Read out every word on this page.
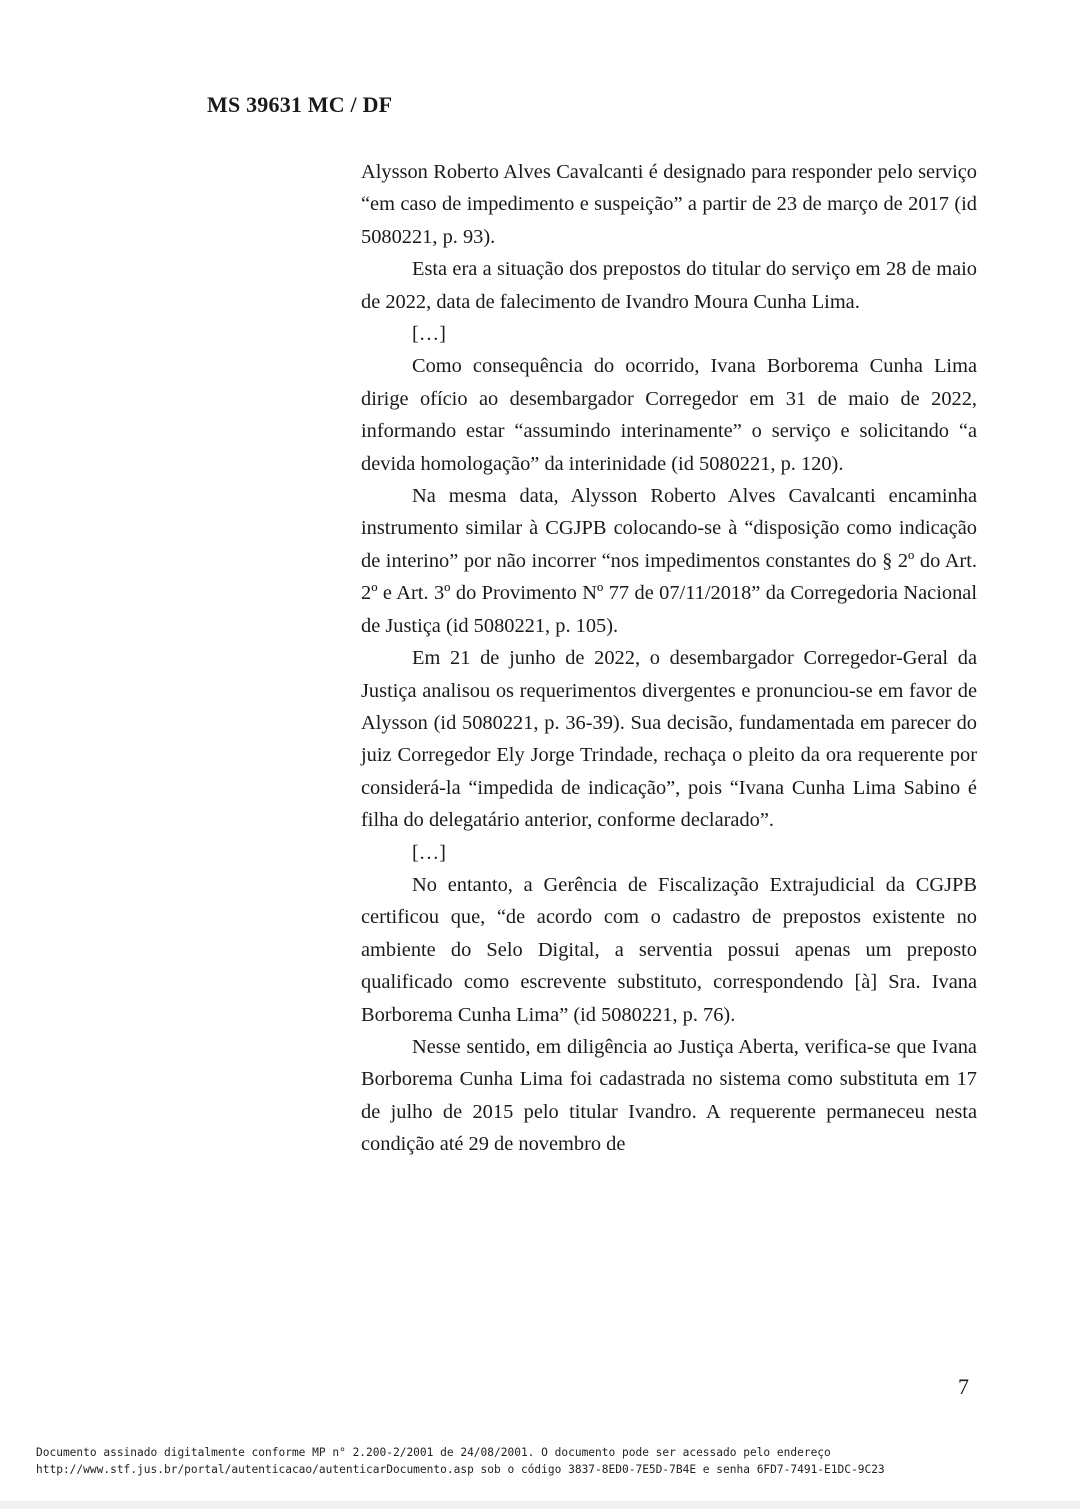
MS 39631 MC / DF

Alysson Roberto Alves Cavalcanti é designado para responder pelo serviço “em caso de impedimento e suspeição” a partir de 23 de março de 2017 (id 5080221, p. 93).

Esta era a situação dos prepostos do titular do serviço em 28 de maio de 2022, data de falecimento de Ivandro Moura Cunha Lima.

[…]

Como consequência do ocorrido, Ivana Borborema Cunha Lima dirige ofício ao desembargador Corregedor em 31 de maio de 2022, informando estar “assumindo interinamente” o serviço e solicitando “a devida homologação” da interinidade (id 5080221, p. 120).

Na mesma data, Alysson Roberto Alves Cavalcanti encaminha instrumento similar à CGJPB colocando-se à “disposição como indicação de interino” por não incorrer “nos impedimentos constantes do § 2º do Art. 2º e Art. 3º do Provimento Nº 77 de 07/11/2018” da Corregedoria Nacional de Justiça (id 5080221, p. 105).

Em 21 de junho de 2022, o desembargador Corregedor-Geral da Justiça analisou os requerimentos divergentes e pronunciou-se em favor de Alysson (id 5080221, p. 36-39). Sua decisão, fundamentada em parecer do juiz Corregedor Ely Jorge Trindade, rechaça o pleito da ora requerente por considerá-la “impedida de indicação”, pois “Ivana Cunha Lima Sabino é filha do delegatário anterior, conforme declarado”.

[…]

No entanto, a Gerência de Fiscalização Extrajudicial da CGJPB certificou que, “de acordo com o cadastro de prepostos existente no ambiente do Selo Digital, a serventia possui apenas um preposto qualificado como escrevente substituto, correspondendo [à] Sra. Ivana Borborema Cunha Lima” (id 5080221, p. 76).

Nesse sentido, em diligência ao Justiça Aberta, verifica-se que Ivana Borborema Cunha Lima foi cadastrada no sistema como substituta em 17 de julho de 2015 pelo titular Ivandro. A requerente permaneceu nesta condição até 29 de novembro de

7
Documento assinado digitalmente conforme MP n° 2.200-2/2001 de 24/08/2001. O documento pode ser acessado pelo endereço
http://www.stf.jus.br/portal/autenticacao/autenticarDocumento.asp sob o código 3837-8ED0-7E5D-7B4E e senha 6FD7-7491-E1DC-9C23
